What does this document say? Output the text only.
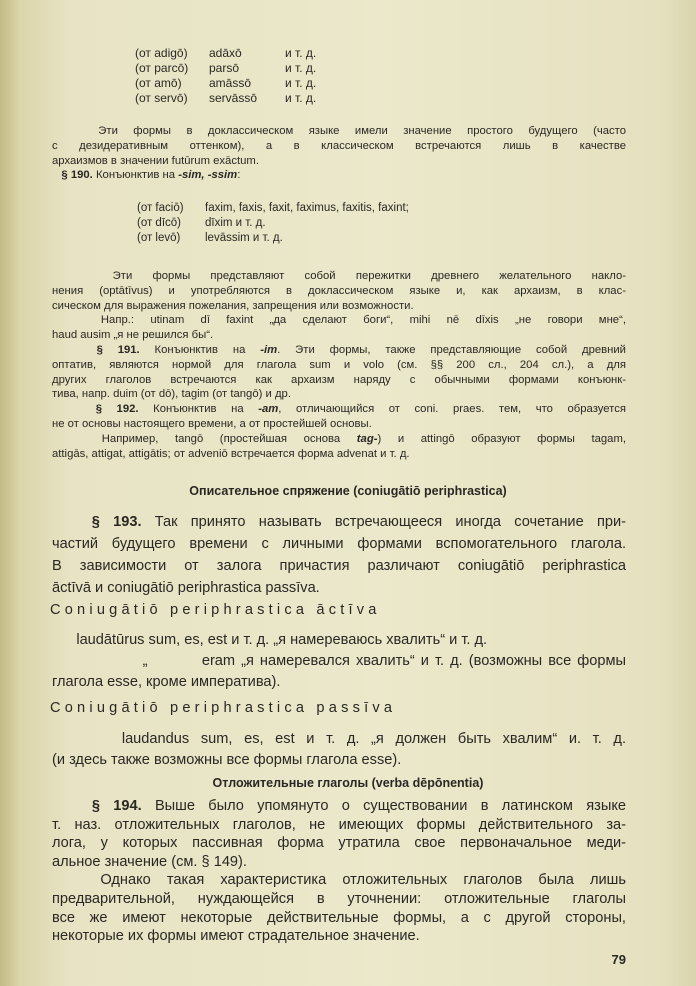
(от adigō)	adāxō	и т. д.
(от parcō)	parsō	и т. д.
(от amō)	amāssō	и т. д.
(от servō)	servāssō	и т. д.
Эти формы в доклассическом языке имели значение простого будущего (часто
с дезидеративным оттенком), а в классическом встречаются лишь в качестве
архаизмов в значении futūrum exāctum.
§ 190. Конъюнктив на -sim, -ssim:
(от faciō)	faxim, faxis, faxit, faximus, faxitis, faxint;
(от dīcō)	dīxim и т. д.
(от levō)	levāssim и т. д.
Эти формы представляют собой пережитки древнего желательного накло-
нения (optātīvus) и употребляются в доклассическом языке и, как архаизм, в клас-
сическом для выражения пожелания, запрещения или возможности.
Напр.: utinam dī faxint „да сделают боги“, mihi nē dīxis „не говори мне“,
haud ausim „я не решился бы“.
§ 191. Конъюнктив на -im. Эти формы, также представляющие собой древний
оптатив, являются нормой для глагола sum и volo (см. §§ 200 сл., 204 сл.), а для
других глаголов встречаются как архаизм наряду с обычными формами конъюнк-
тива, напр. duim (от dō), tagim (от tangō) и др.
§ 192. Конъюнктив на -am, отличающийся от coni. praes. тем, что образуется
не от основы настоящего времени, а от простейшей основы.
Например, tangō (простейшая основа tag-) и attingō образуют формы tagam,
attigās, attigat, attigātis; от adveniō встречается форма advenat и т. д.
Описательное спряжение (coniugātiō periphrastica)
§ 193. Так принято называть встречающееся иногда сочетание при-
частий будущего времени с личными формами вспомогательного глагола.
В зависимости от залога причастия различают coniugātiō periphrastica
āctīvā и coniugātiō periphrastica passīva.
Coniugātiō periphrastica āctīva
laudātūrus sum, es, est и т. д. „я намереваюсь хвалить“ и т. д.
„         eram „я намеревался хвалить“ и т. д. (возможны все формы
глагола esse, кроме императива).
Coniugātiō periphrastica passīva
laudandus sum, es, est и т. д. „я должен быть хвалим“ и. т. д.
(и здесь также возможны все формы глагола esse).
Отложительные глаголы (verba dēpōnentia)
§ 194. Выше было упомянуто о существовании в латинском языке
т. наз. отложительных глаголов, не имеющих формы действительного за-
лога, у которых пассивная форма утратила свое первоначальное меди-
альное значение (см. § 149).
Однако такая характеристика отложительных глаголов была лишь
предварительной, нуждающейся в уточнении: отложительные глаголы
все же имеют некоторые действительные формы, а с другой стороны,
некоторые их формы имеют страдательное значение.
79
